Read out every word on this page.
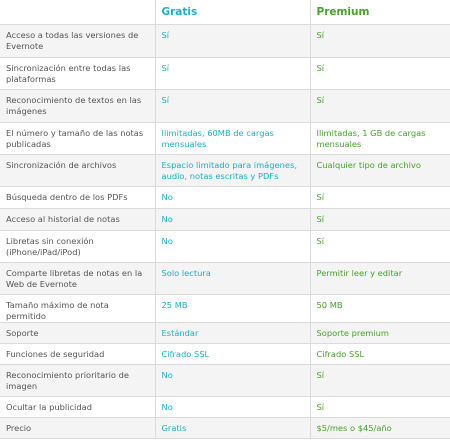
	Gratis	Premium

Acceso a todas las versiones de Evernote	Sí	Sí

Sincronización entre todas las plataformas	Sí	Sí

Reconocimiento de textos en las imágenes	Sí	Sí

El número y tamaño de las notas publicadas	Ilimitadas, 60MB de cargas mensuales	Ilimitadas, 1 GB de cargas mensuales

Sincronización de archivos	Espacio limitado para imágenes, audio, notas escritas y PDFs	Cualquier tipo de archivo

Búsqueda dentro de los PDFs	No	Sí

Acceso al historial de notas	No	Sí

Libretas sin conexión (iPhone/iPad/iPod)	No	Sí

Comparte libretas de notas en la Web de Evernote	Solo lectura	Permitir leer y editar

Tamaño máximo de nota permitido	25 MB	50 MB

Soporte	Estándar	Soporte premium

Funciones de seguridad	Cifrado SSL	Cifrado SSL

Reconocimiento prioritario de imagen	No	Sí

Ocultar la publicidad	No	Sí

Precio	Gratis	$5/mes o $45/año
